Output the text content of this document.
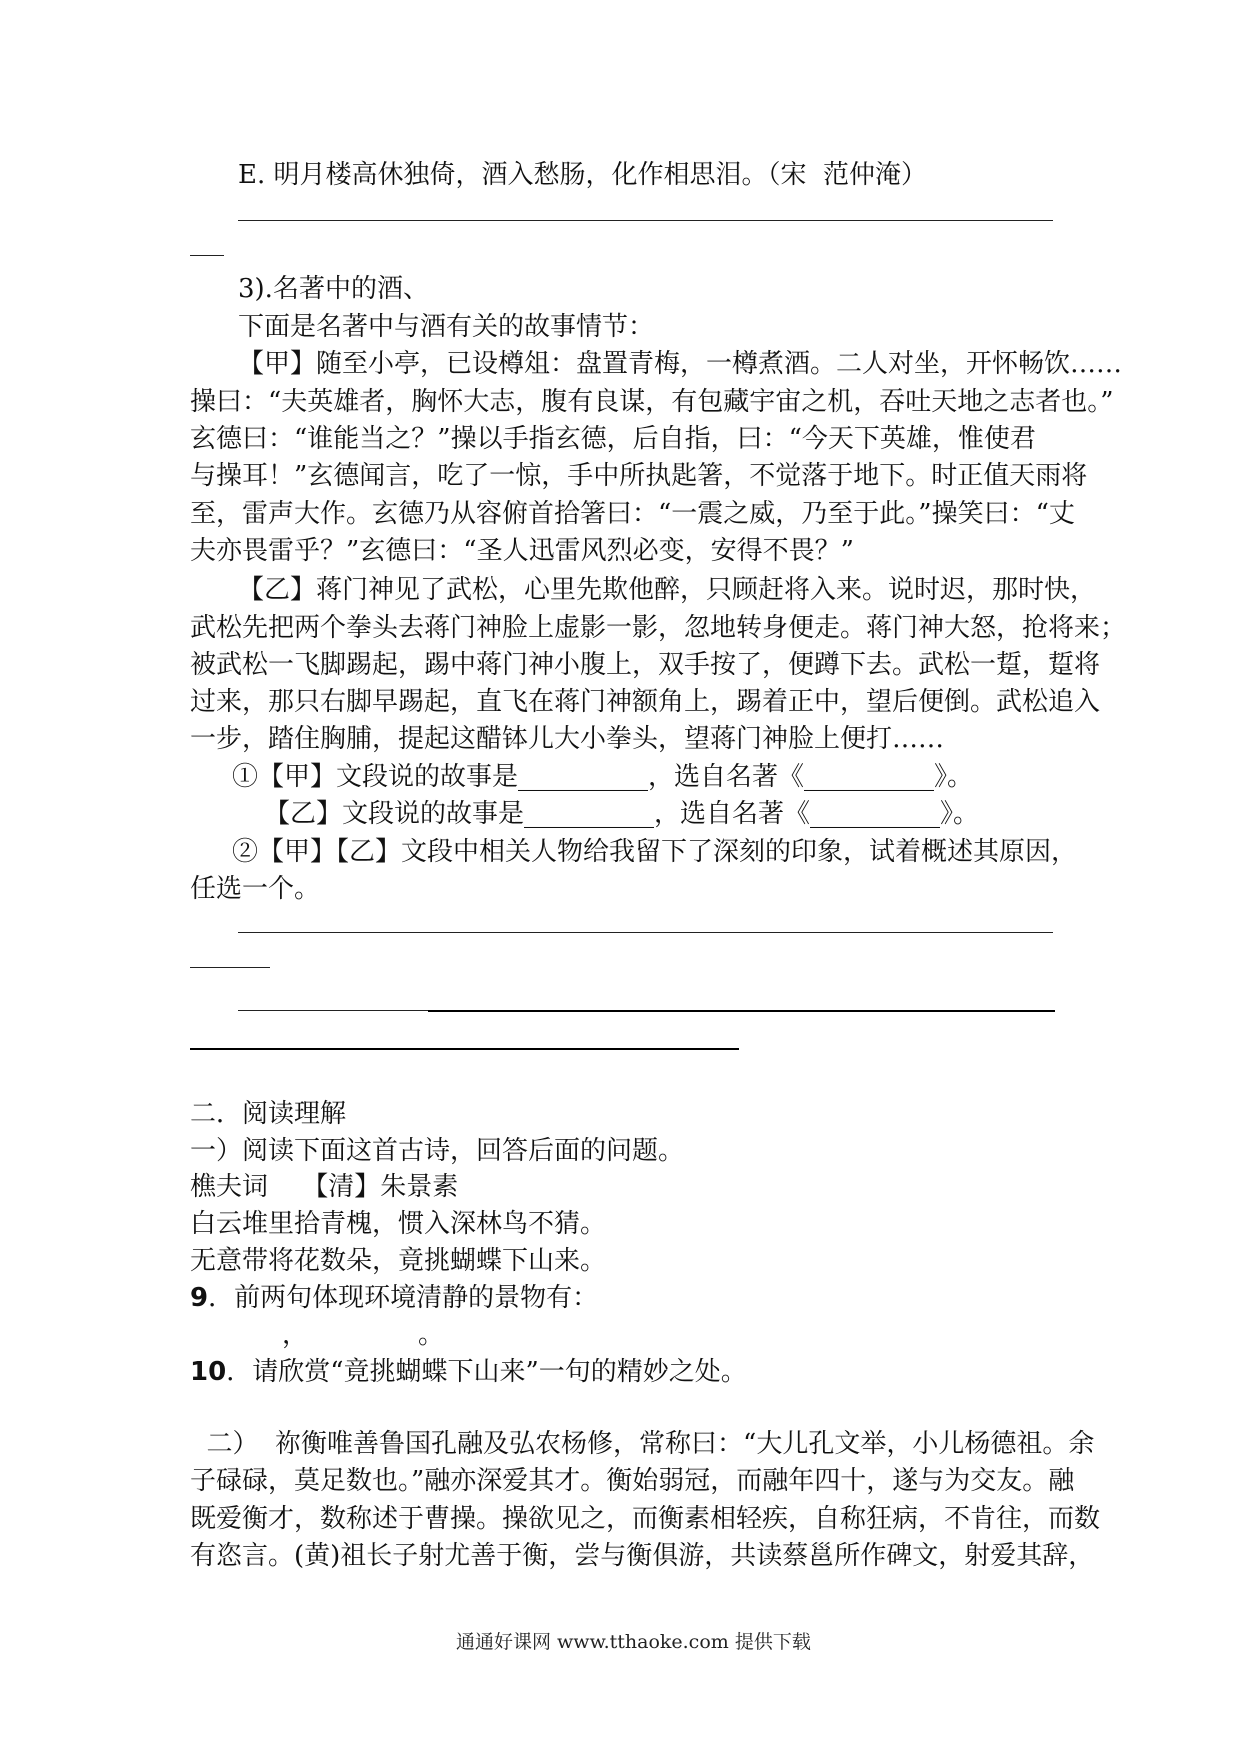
E. 明月楼高休独倚，酒入愁肠，化作相思泪。（宋  范仲淹）
3).名著中的酒、
下面是名著中与酒有关的故事情节：
【甲】随至小亭，已设樽俎：盘置青梅，一樽煮酒。二人对坐，开怀畅饮……
操曰：“夫英雄者，胸怀大志，腹有良谋，有包藏宇宙之机，吞吐天地之志者也。”
玄德曰：“谁能当之？”操以手指玄德，后自指，曰：“今天下英雄，惟使君
与操耳！”玄德闻言，吃了一惊，手中所执匙箸，不觉落于地下。时正值天雨将
至，雷声大作。玄德乃从容俯首拾箸曰：“一震之威，乃至于此。”操笑曰：“丈
夫亦畏雷乎？”玄德曰：“圣人迅雷风烈必变，安得不畏？”
【乙】蒋门神见了武松，心里先欺他醉，只顾赶将入来。说时迟，那时快，
武松先把两个拳头去蒋门神脸上虚影一影，忽地转身便走。蒋门神大怒，抢将来；
被武松一飞脚踢起，踢中蒋门神小腹上，双手按了，便蹲下去。武松一踅，踅将
过来，那只右脚早踢起，直飞在蒋门神额角上，踢着正中，望后便倒。武松追入
一步，踏住胸脯，提起这醋钵儿大小拳头，望蒋门神脸上便打……
①【甲】文段说的故事是__________，选自名著《__________》。
【乙】文段说的故事是__________，选自名著《__________》。
②【甲】【乙】文段中相关人物给我留下了深刻的印象，试着概述其原因，
任选一个。
二．阅读理解
一）阅读下面这首古诗，回答后面的问题。
樵夫词　 【清】朱景素
白云堆里拾青槐，惯入深林鸟不猜。
无意带将花数朵，竟挑蝴蝶下山来。
9．前两句体现环境清静的景物有：
，	。
10．请欣赏“竟挑蝴蝶下山来”一句的精妙之处。
二）  祢衡唯善鲁国孔融及弘农杨修，常称曰：“大儿孔文举，小儿杨德祖。余
子碌碌，莫足数也。”融亦深爱其才。衡始弱冠，而融年四十，遂与为交友。融
既爱衡才，数称述于曹操。操欲见之，而衡素相轻疾，自称狂病，不肯往，而数
有恣言。(黄)祖长子射尤善于衡，尝与衡俱游，共读蔡邕所作碑文，射爱其辞，
通通好课网 www.tthaoke.com 提供下载
